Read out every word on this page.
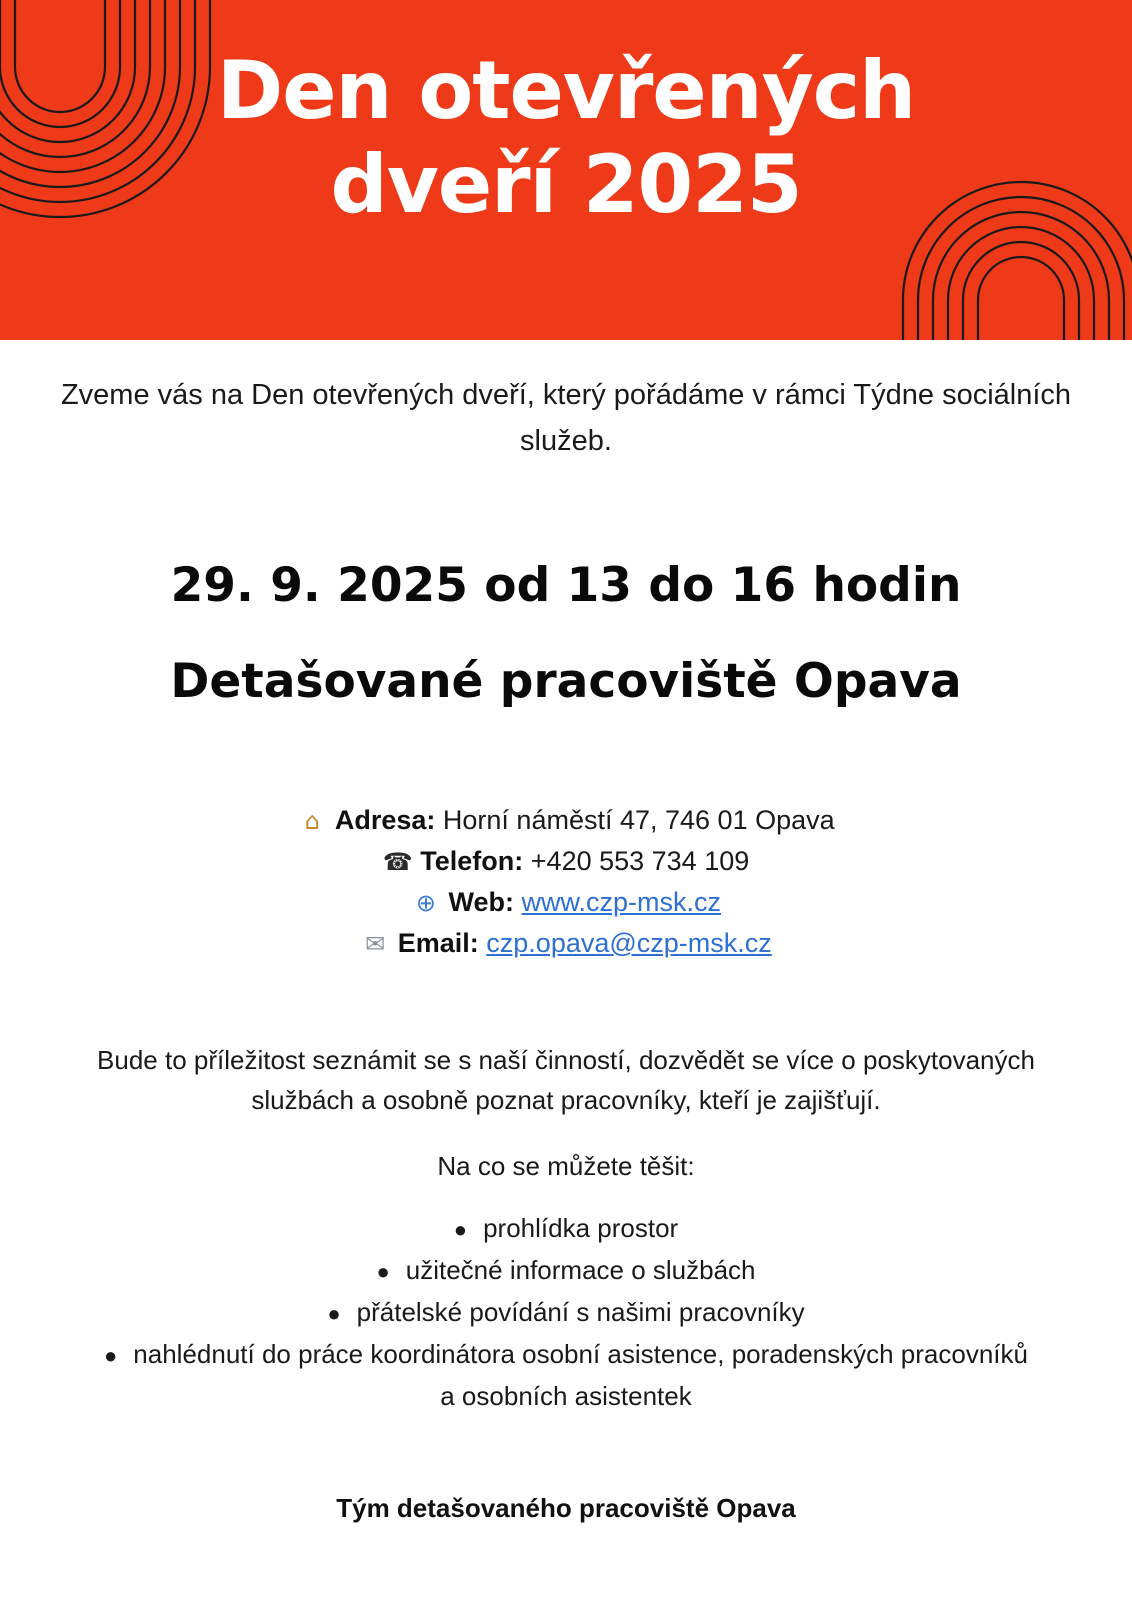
Den otevřených
dveří 2025

Zveme vás na Den otevřených dveří, který pořádáme v rámci Týdne sociálních služeb.

29. 9. 2025 od 13 do 16 hodin
Detašované pracoviště Opava
⌂ Adresa: Horní náměstí 47, 746 01 Opava
☎ Telefon: +420 553 734 109
⊕ Web: www.czp-msk.cz
✉ Email: czp.opava@czp-msk.cz

Bude to příležitost seznámit se s naší činností, dozvědět se více o poskytovaných službách a osobně poznat pracovníky, kteří je zajišťují.

Na co se můžete těšit:

● prohlídka prostor
● užitečné informace o službách
● přátelské povídání s našimi pracovníky
● nahlédnutí do práce koordinátora osobní asistence, poradenských pracovníků a osobních asistentek

Tým detašovaného pracoviště Opava
